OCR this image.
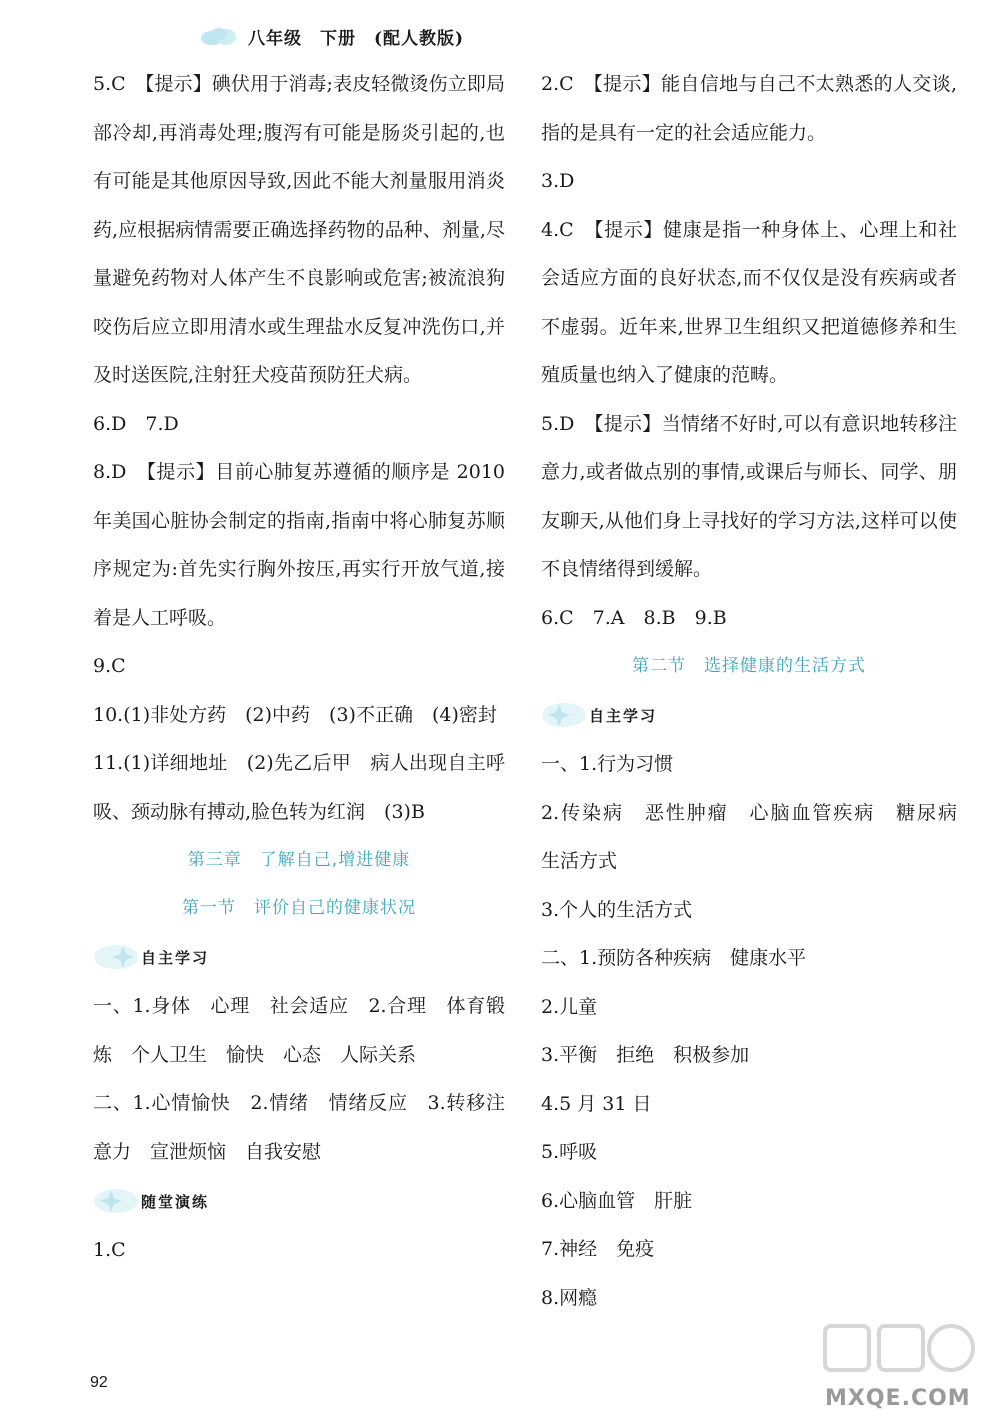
八年级　下册　(配人教版)

5.C　【提示】碘伏用于消毒;表皮轻微烫伤立即局部冷却,再消毒处理;腹泻有可能是肠炎引起的,也有可能是其他原因导致,因此不能大剂量服用消炎药,应根据病情需要正确选择药物的品种、剂量,尽量避免药物对人体产生不良影响或危害;被流浪狗咬伤后应立即用清水或生理盐水反复冲洗伤口,并及时送医院,注射狂犬疫苗预防狂犬病。

6.D　7.D

8.D　【提示】目前心肺复苏遵循的顺序是 2010 年美国心脏协会制定的指南,指南中将心肺复苏顺序规定为:首先实行胸外按压,再实行开放气道,接着是人工呼吸。

9.C

10.(1)非处方药　(2)中药　(3)不正确　(4)密封

11.(1)详细地址　(2)先乙后甲　病人出现自主呼吸、颈动脉有搏动,脸色转为红润　(3)B

第三章　了解自己,增进健康
第一节　评价自己的健康状况
自主学习

一、1.身体　心理　社会适应　2.合理　体育锻炼　个人卫生　愉快　心态　人际关系

二、1.心情愉快　2.情绪　情绪反应　3.转移注意力　宣泄烦恼　自我安慰

随堂演练

1.C

2.C　【提示】能自信地与自己不太熟悉的人交谈,指的是具有一定的社会适应能力。

3.D

4.C　【提示】健康是指一种身体上、心理上和社会适应方面的良好状态,而不仅仅是没有疾病或者不虚弱。近年来,世界卫生组织又把道德修养和生殖质量也纳入了健康的范畴。

5.D　【提示】当情绪不好时,可以有意识地转移注意力,或者做点别的事情,或课后与师长、同学、朋友聊天,从他们身上寻找好的学习方法,这样可以使不良情绪得到缓解。

6.C　7.A　8.B　9.B

第二节　选择健康的生活方式
自主学习

一、1.行为习惯

2.传染病　恶性肿瘤　心脑血管疾病　糖尿病　生活方式

3.个人的生活方式

二、1.预防各种疾病　健康水平

2.儿童

3.平衡　拒绝　积极参加

4.5 月 31 日

5.呼吸

6.心脑血管　肝脏

7.神经　免疫

8.网瘾

92
MXQE.COM
